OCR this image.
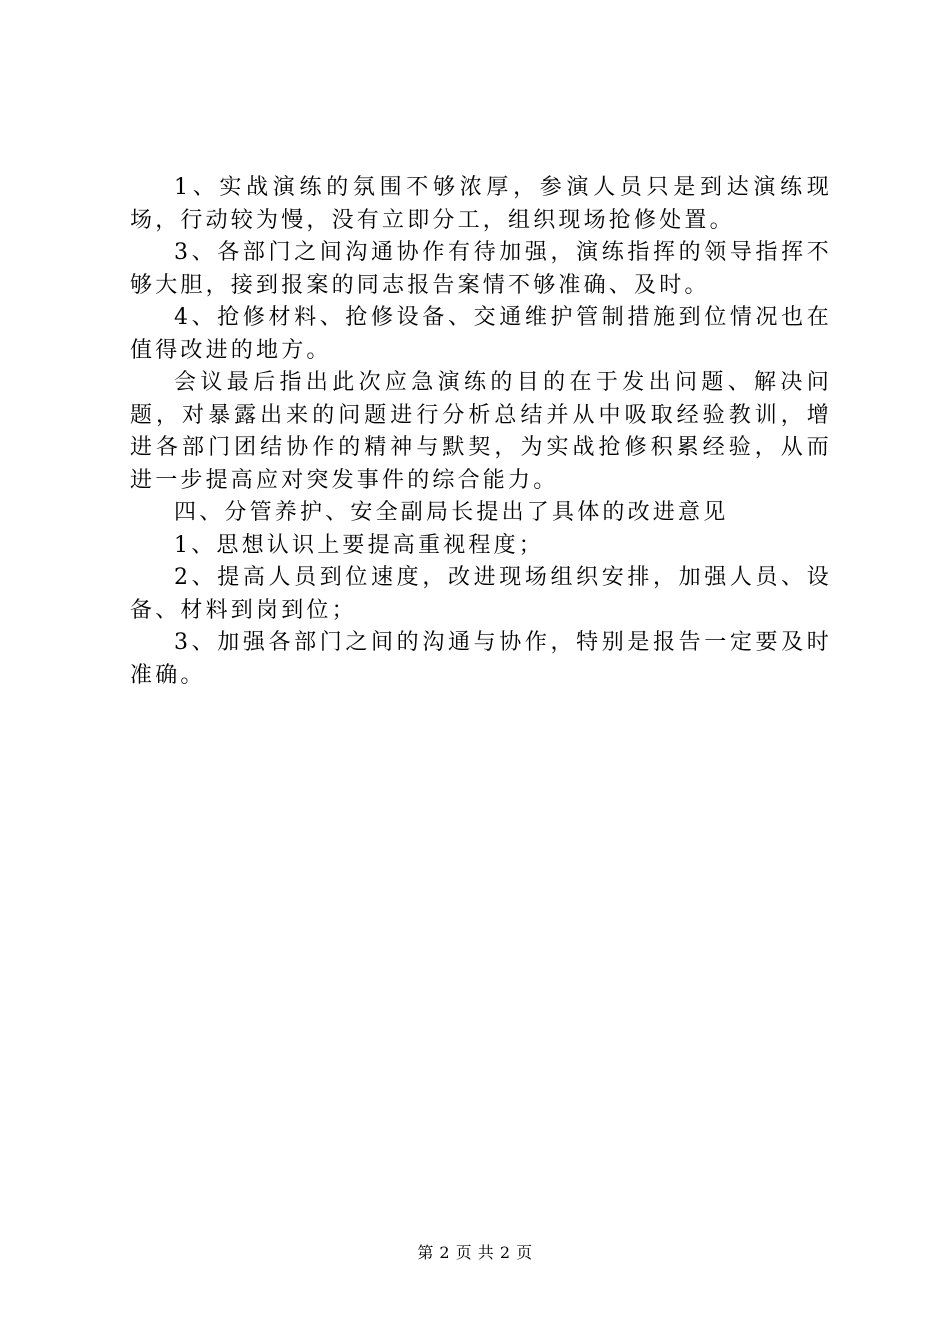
1、实战演练的氛围不够浓厚，参演人员只是到达演练现场，行动较为慢，没有立即分工，组织现场抢修处置。

3、各部门之间沟通协作有待加强，演练指挥的领导指挥不够大胆，接到报案的同志报告案情不够准确、及时。

4、抢修材料、抢修设备、交通维护管制措施到位情况也在值得改进的地方。

会议最后指出此次应急演练的目的在于发出问题、解决问题，对暴露出来的问题进行分析总结并从中吸取经验教训，增进各部门团结协作的精神与默契，为实战抢修积累经验，从而进一步提高应对突发事件的综合能力。

四、分管养护、安全副局长提出了具体的改进意见

1、思想认识上要提高重视程度；

2、提高人员到位速度，改进现场组织安排，加强人员、设备、材料到岗到位；

3、加强各部门之间的沟通与协作，特别是报告一定要及时准确。

第 2 页 共 2 页
